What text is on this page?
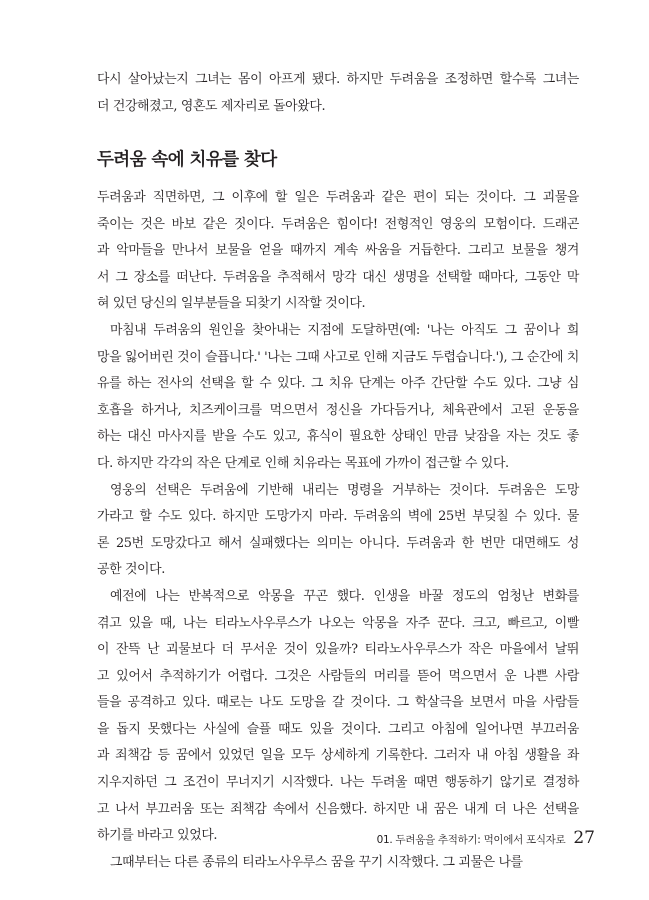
다시 살아났는지 그녀는 몸이 아프게 됐다. 하지만 두려움을 조정하면 할수록 그녀는
더 건강해졌고, 영혼도 제자리로 돌아왔다.
두려움 속에 치유를 찾다
두려움과 직면하면, 그 이후에 할 일은 두려움과 같은 편이 되는 것이다. 그 괴물을
죽이는 것은 바보 같은 짓이다. 두려움은 힘이다! 전형적인 영웅의 모험이다. 드래곤
과 악마들을 만나서 보물을 얻을 때까지 계속 싸움을 거듭한다. 그리고 보물을 챙겨
서 그 장소를 떠난다. 두려움을 추적해서 망각 대신 생명을 선택할 때마다, 그동안 막
혀 있던 당신의 일부분들을 되찾기 시작할 것이다.
마침내 두려움의 원인을 찾아내는 지점에 도달하면(예: '나는 아직도 그 꿈이나 희
망을 잃어버린 것이 슬픕니다.' '나는 그때 사고로 인해 지금도 두렵습니다.'), 그 순간에 치
유를 하는 전사의 선택을 할 수 있다. 그 치유 단계는 아주 간단할 수도 있다. 그냥 심
호흡을 하거나, 치즈케이크를 먹으면서 정신을 가다듬거나, 체육관에서 고된 운동을
하는 대신 마사지를 받을 수도 있고, 휴식이 필요한 상태인 만큼 낮잠을 자는 것도 좋
다. 하지만 각각의 작은 단계로 인해 치유라는 목표에 가까이 접근할 수 있다.
영웅의 선택은 두려움에 기반해 내리는 명령을 거부하는 것이다. 두려움은 도망
가라고 할 수도 있다. 하지만 도망가지 마라. 두려움의 벽에 25번 부딪칠 수 있다. 물
론 25번 도망갔다고 해서 실패했다는 의미는 아니다. 두려움과 한 번만 대면해도 성
공한 것이다.
예전에 나는 반복적으로 악몽을 꾸곤 했다. 인생을 바꿀 정도의 엄청난 변화를
겪고 있을 때, 나는 티라노사우루스가 나오는 악몽을 자주 꾼다. 크고, 빠르고, 이빨
이 잔뜩 난 괴물보다 더 무서운 것이 있을까? 티라노사우루스가 작은 마을에서 날뛰
고 있어서 추적하기가 어렵다. 그것은 사람들의 머리를 뜯어 먹으면서 운 나쁜 사람
들을 공격하고 있다. 때로는 나도 도망을 갈 것이다. 그 학살극을 보면서 마을 사람들
을 돕지 못했다는 사실에 슬플 때도 있을 것이다. 그리고 아침에 일어나면 부끄러움
과 죄책감 등 꿈에서 있었던 일을 모두 상세하게 기록한다. 그러자 내 아침 생활을 좌
지우지하던 그 조건이 무너지기 시작했다. 나는 두려울 때면 행동하기 않기로 결정하
고 나서 부끄러움 또는 죄책감 속에서 신음했다. 하지만 내 꿈은 내게 더 나은 선택을
하기를 바라고 있었다.
그때부터는 다른 종류의 티라노사우루스 꿈을 꾸기 시작했다. 그 괴물은 나를
01. 두려움을 추적하기: 먹이에서 포식자로 27
